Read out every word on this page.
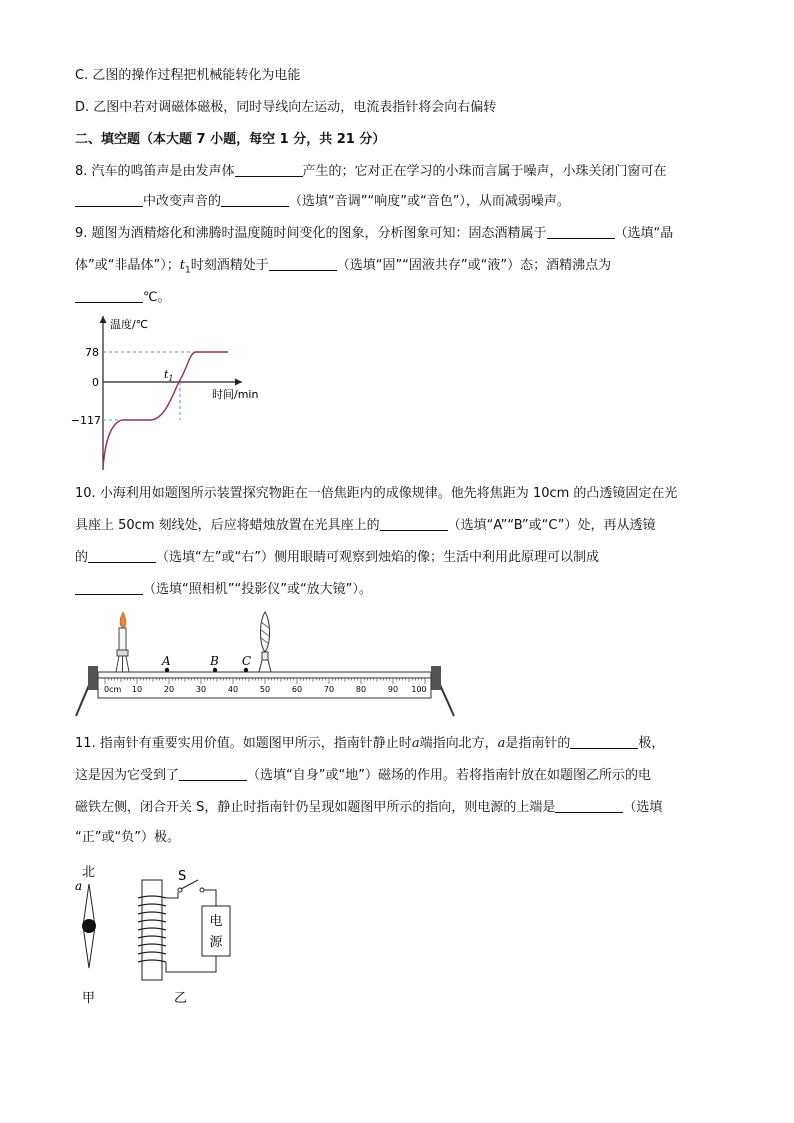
C. 乙图的操作过程把机械能转化为电能
D. 乙图中若对调磁体磁极，同时导线向左运动，电流表指针将会向右偏转
二、填空题（本大题 7 小题，每空 1 分，共 21 分）
8. 汽车的鸣笛声是由发声体	产生的；它对正在学习的小珠而言属于噪声，小珠关闭门窗可在
中改变声音的	（选填“音调”“响度”或“音色”），从而减弱噪声。
9. 题图为酒精熔化和沸腾时温度随时间变化的图象，分析图象可知：固态酒精属于	（选填“晶
体”或“非晶体”）；$t_1$时刻酒精处于	（选填“固”“固液共存”或“液”）态；酒精沸点为
℃。
温度/℃
时间/min
78
0
−117
$t_1$
10. 小海利用如题图所示装置探究物距在一倍焦距内的成像规律。他先将焦距为 10cm 的凸透镜固定在光
具座上 50cm 刻线处，后应将蜡烛放置在光具座上的	（选填“A”“B”或“C”）处，再从透镜
的	（选填“左”或“右”）侧用眼睛可观察到烛焰的像；生活中利用此原理可以制成
（选填“照相机”“投影仪”或“放大镜”）。
0cm 10	20	30	40	50	60	70	80	90 100
A	B C
11. 指南针有重要实用价值。如题图甲所示，指南针静止时a端指向北方，a是指南针的	极，
这是因为它受到了	（选填“自身”或“地”）磁场的作用。若将指南针放在如题图乙所示的电
磁铁左侧，闭合开关 S，静止时指南针仍呈现如题图甲所示的指向，则电源的上端是	（选填
“正”或“负”）极。
北
a
甲
S
电
源
乙
